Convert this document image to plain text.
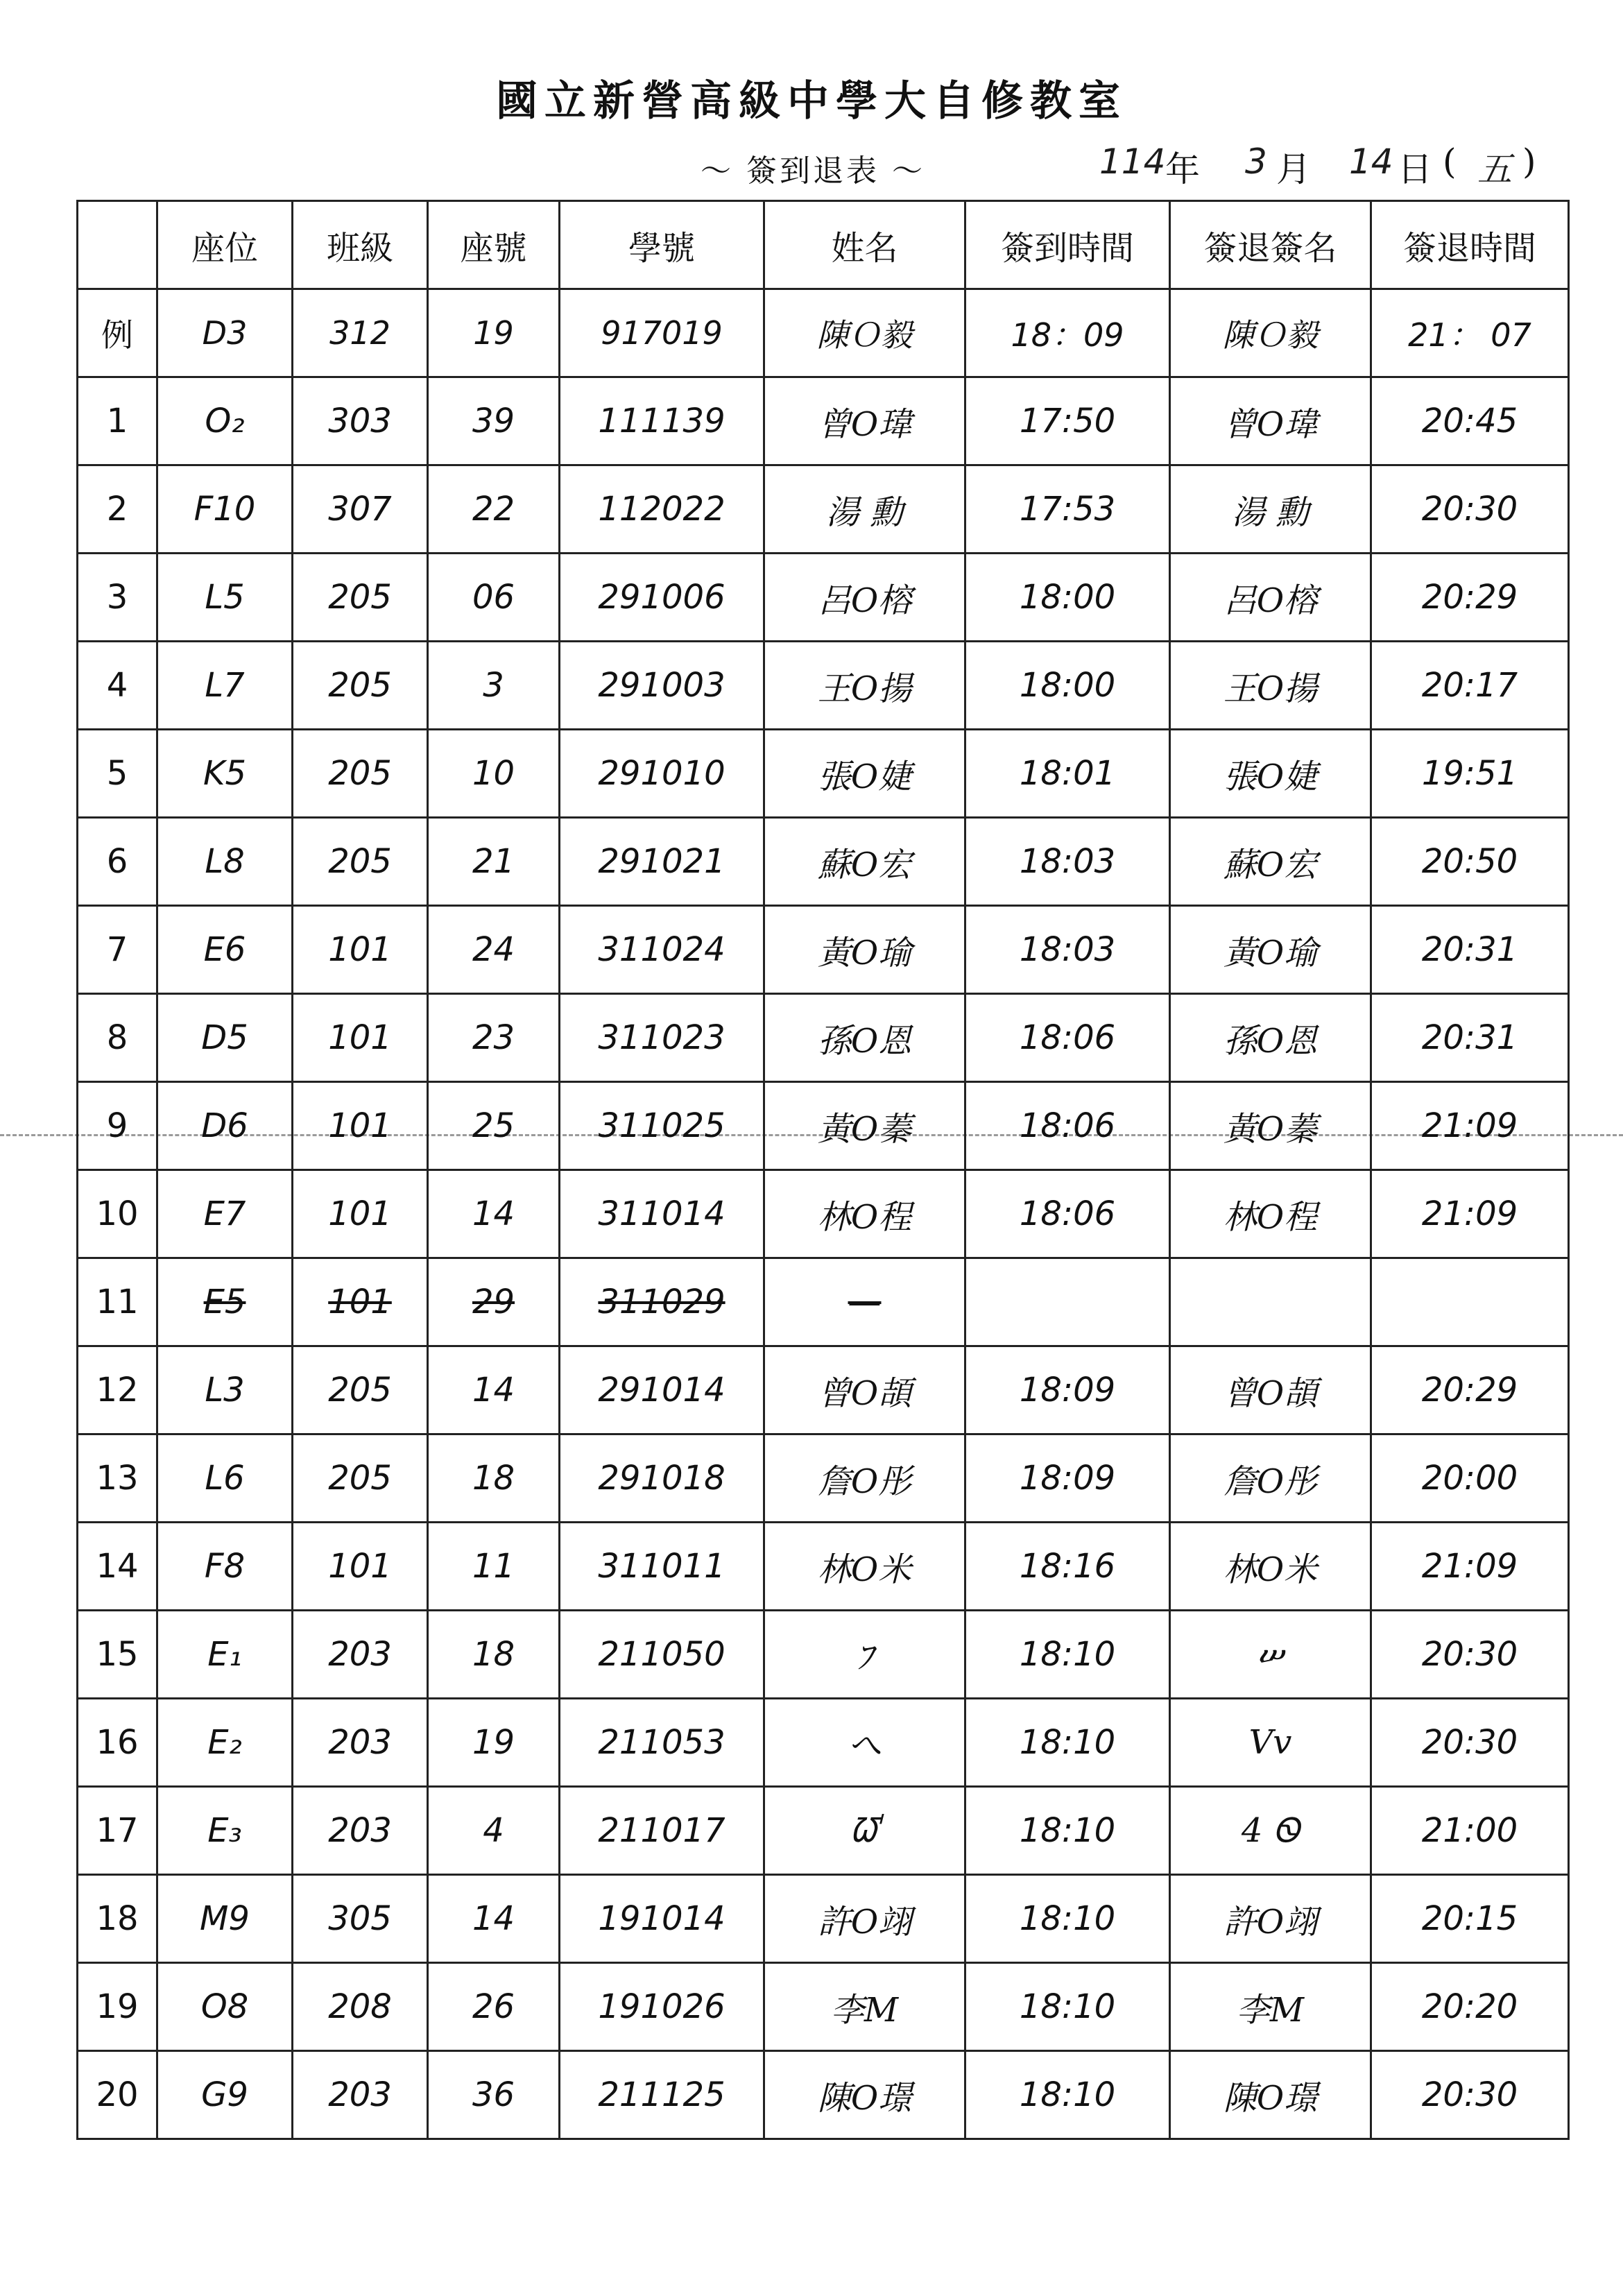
國立新營高級中學大自修教室
～ 簽到退表 ～	114 年 3 月 14 日 ( 五 )
	座位	班級	座號	學號	姓名	簽到時間	簽退簽名	簽退時間
例	D3	312	19	917019	陳Ｏ毅	18：09	陳Ｏ毅	21： 07
1	O₂	303	39	111139	曾O瑋	17:50	曾O瑋	20:45
2	F10	307	22	112022	湯 勳	17:53	湯 勳	20:30
3	L5	205	06	291006	呂O榕	18:00	呂O榕	20:29
4	L7	205	3	291003	王O揚	18:00	王O揚	20:17
5	K5	205	10	291010	張O婕	18:01	張O婕	19:51
6	L8	205	21	291021	蘇O宏	18:03	蘇O宏	20:50
7	E6	101	24	311024	黃O瑜	18:03	黃O瑜	20:31
8	D5	101	23	311023	孫O恩	18:06	孫O恩	20:31
9	D6	101	25	311025	黃O蓁	18:06	黃O蓁	21:09
10	E7	101	14	311014	林O程	18:06	林O程	21:09
11	E5	101	29	311029	—			
12	L3	205	14	291014	曾O頡	18:09	曾O頡	20:29
13	L6	205	18	291018	詹O彤	18:09	詹O彤	20:00
14	F8	101	11	311011	林O米	18:16	林O米	21:09
15	E₁	203	18	211050	ﾌ	18:10	ሠ	20:30
16	E₂	203	19	211053	へ	18:10	Vv	20:30
17	E₃	203	4	211017	ᘺ	18:10	4 Ꮻ	21:00
18	M9	305	14	191014	許O翊	18:10	許O翊	20:15
19	O8	208	26	191026	李M	18:10	李M	20:20
20	G9	203	36	211125	陳O璟	18:10	陳O璟	20:30
